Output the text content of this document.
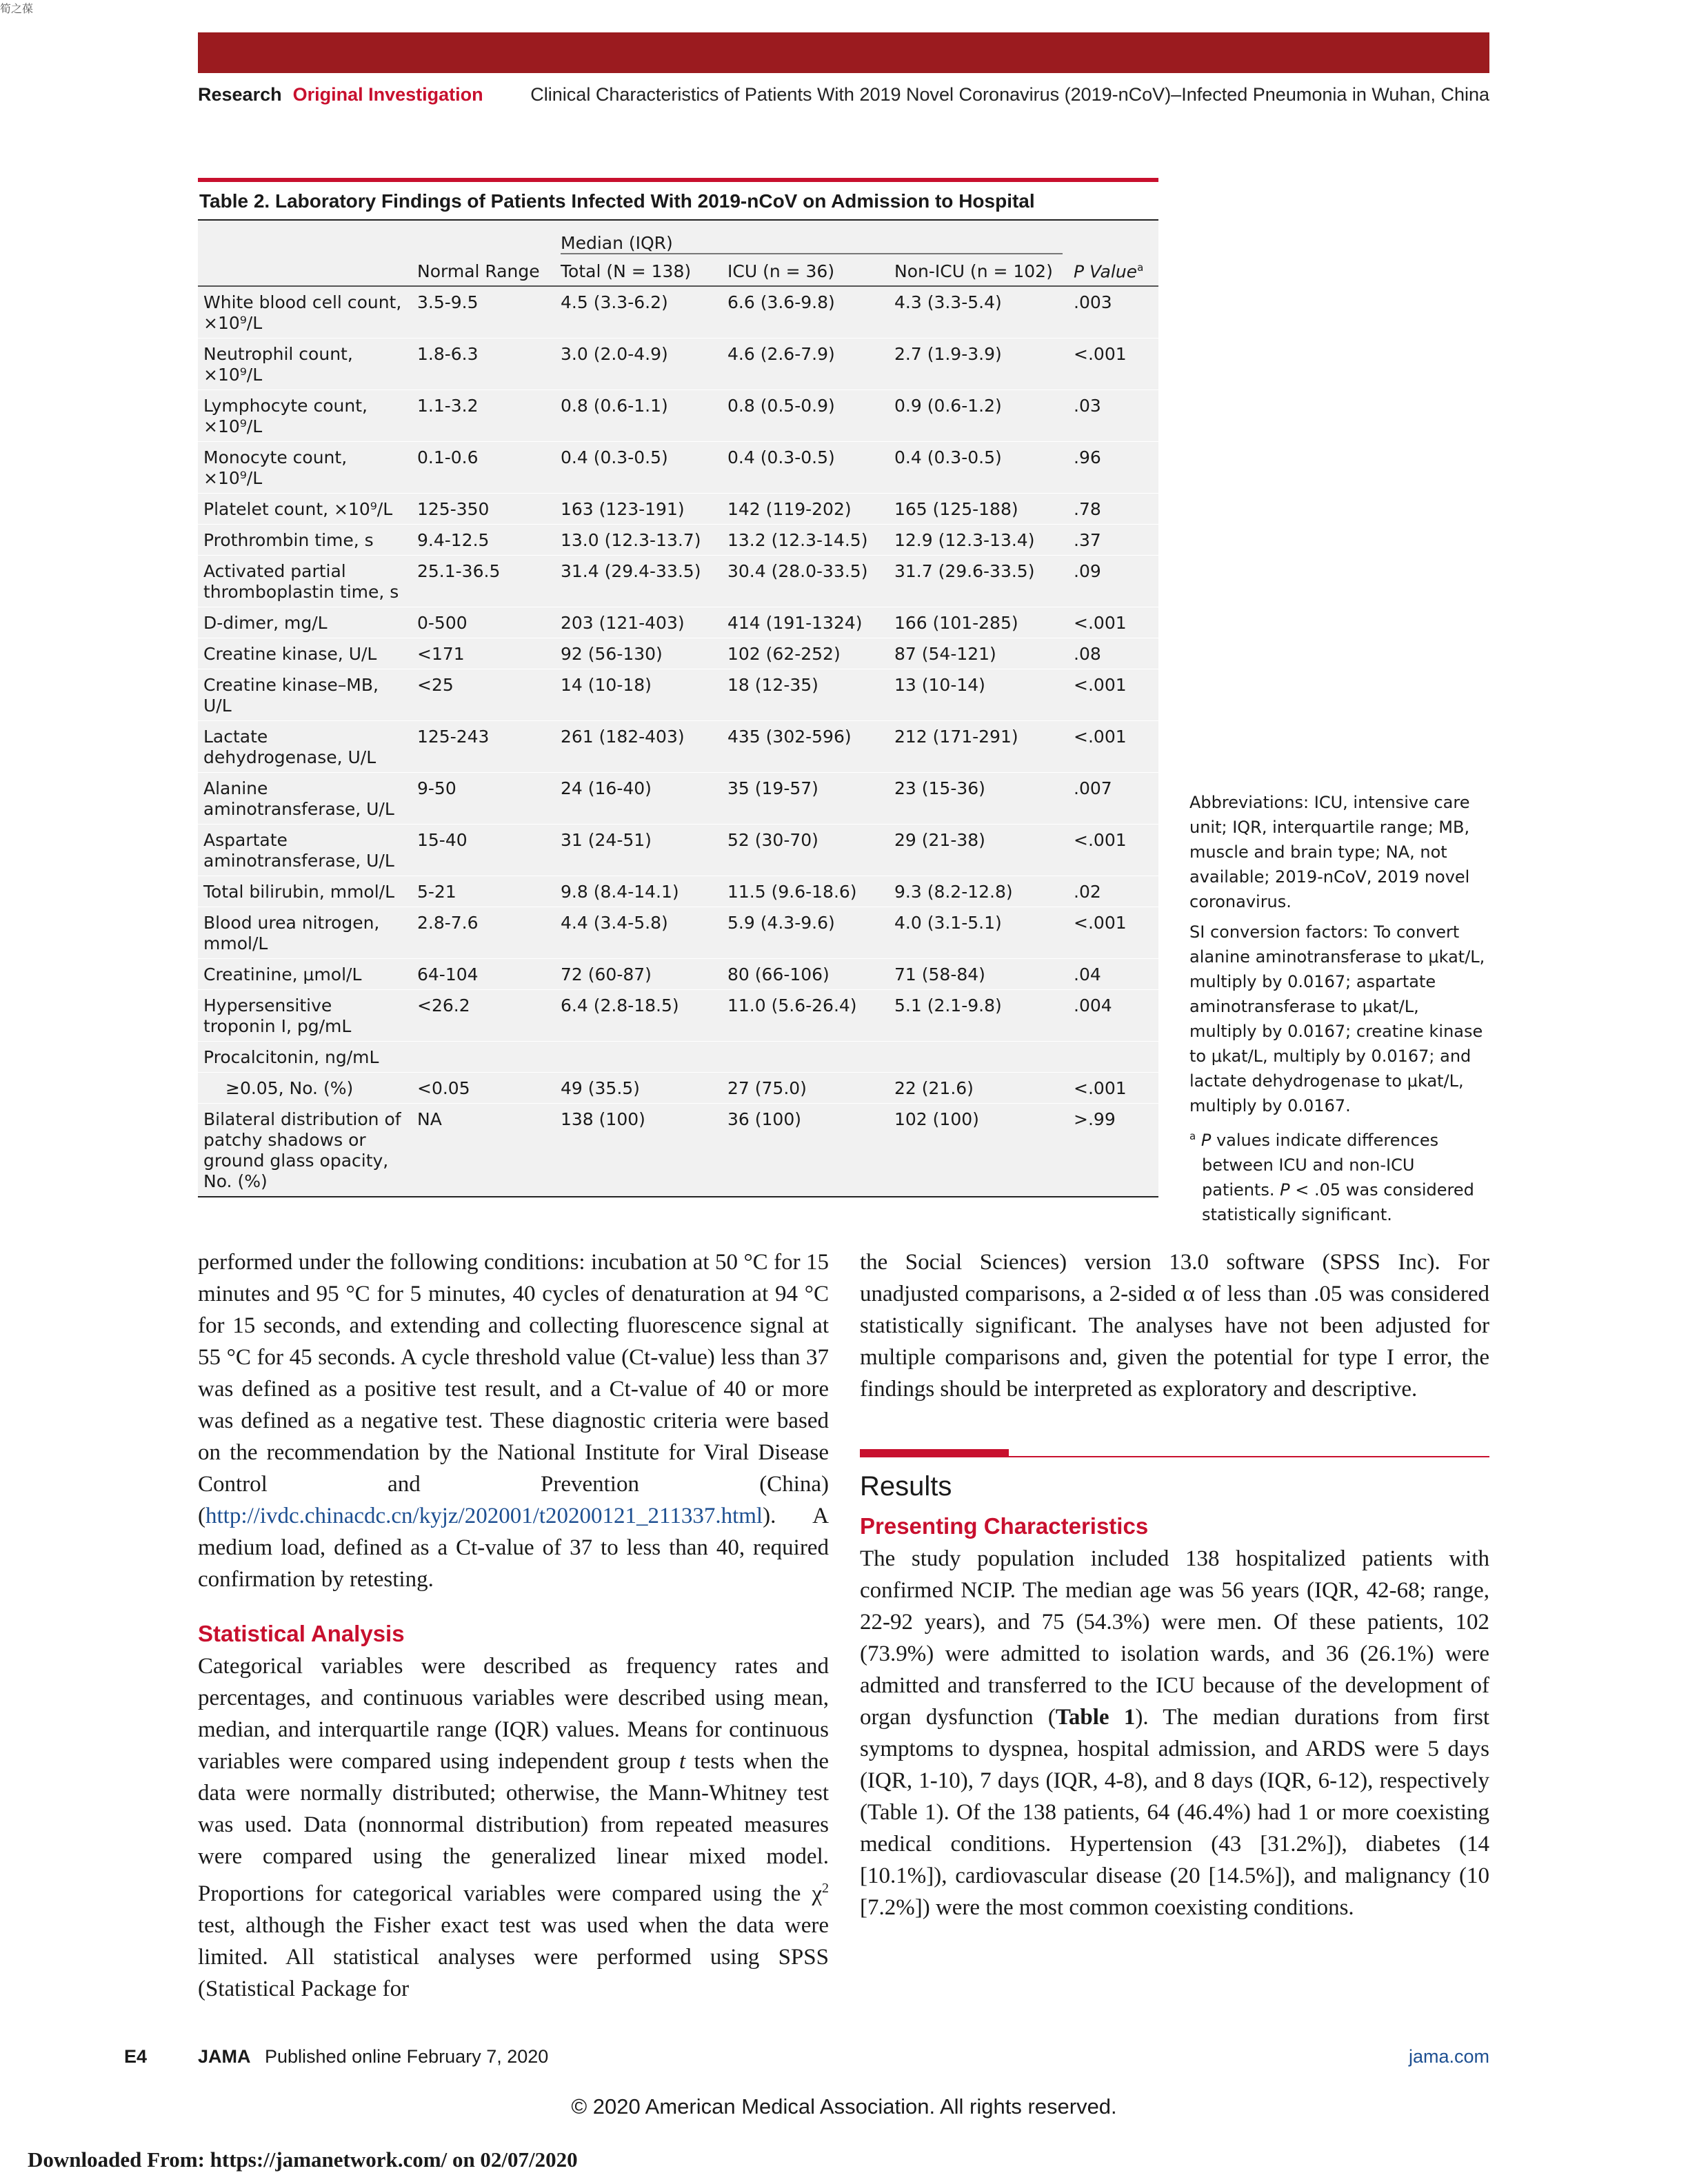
筍之葆
Research Original Investigation	Clinical Characteristics of Patients With 2019 Novel Coronavirus (2019-nCoV)–Infected Pneumonia in Wuhan, China
Table 2. Laboratory Findings of Patients Infected With 2019-nCoV on Admission to Hospital

		Median (IQR)			

	Normal Range	Total (N = 138)	ICU (n = 36)	Non-ICU (n = 102)	P Value$^a$
White blood cell count, ×10⁹/L	3.5-9.5	4.5 (3.3-6.2)	6.6 (3.6-9.8)	4.3 (3.3-5.4)	.003
Neutrophil count, ×10⁹/L	1.8-6.3	3.0 (2.0-4.9)	4.6 (2.6-7.9)	2.7 (1.9-3.9)	<.001
Lymphocyte count, ×10⁹/L	1.1-3.2	0.8 (0.6-1.1)	0.8 (0.5-0.9)	0.9 (0.6-1.2)	.03
Monocyte count, ×10⁹/L	0.1-0.6	0.4 (0.3-0.5)	0.4 (0.3-0.5)	0.4 (0.3-0.5)	.96
Platelet count, ×10⁹/L	125-350	163 (123-191)	142 (119-202)	165 (125-188)	.78
Prothrombin time, s	9.4-12.5	13.0 (12.3-13.7)	13.2 (12.3-14.5)	12.9 (12.3-13.4)	.37
Activated partial thromboplastin time, s	25.1-36.5	31.4 (29.4-33.5)	30.4 (28.0-33.5)	31.7 (29.6-33.5)	.09
D-dimer, mg/L	0-500	203 (121-403)	414 (191-1324)	166 (101-285)	<.001
Creatine kinase, U/L	<171	92 (56-130)	102 (62-252)	87 (54-121)	.08
Creatine kinase–MB, U/L	<25	14 (10-18)	18 (12-35)	13 (10-14)	<.001
Lactate dehydrogenase, U/L	125-243	261 (182-403)	435 (302-596)	212 (171-291)	<.001
Alanine aminotransferase, U/L	9-50	24 (16-40)	35 (19-57)	23 (15-36)	.007
Aspartate aminotransferase, U/L	15-40	31 (24-51)	52 (30-70)	29 (21-38)	<.001
Total bilirubin, mmol/L	5-21	9.8 (8.4-14.1)	11.5 (9.6-18.6)	9.3 (8.2-12.8)	.02
Blood urea nitrogen, mmol/L	2.8-7.6	4.4 (3.4-5.8)	5.9 (4.3-9.6)	4.0 (3.1-5.1)	<.001
Creatinine, μmol/L	64-104	72 (60-87)	80 (66-106)	71 (58-84)	.04
Hypersensitive troponin I, pg/mL	<26.2	6.4 (2.8-18.5)	11.0 (5.6-26.4)	5.1 (2.1-9.8)	.004
Procalcitonin, ng/mL					
≥0.05, No. (%)	<0.05	49 (35.5)	27 (75.0)	22 (21.6)	<.001
Bilateral distribution of patchy shadows or ground glass opacity, No. (%)	NA	138 (100)	36 (100)	102 (100)	>.99

Abbreviations: ICU, intensive care unit; IQR, interquartile range; MB, muscle and brain type; NA, not available; 2019-nCoV, 2019 novel coronavirus.

SI conversion factors: To convert alanine aminotransferase to μkat/L, multiply by 0.0167; aspartate aminotransferase to μkat/L, multiply by 0.0167; creatine kinase to μkat/L, multiply by 0.0167; and lactate dehydrogenase to μkat/L, multiply by 0.0167.

$^a$ P values indicate differences between ICU and non-ICU patients. P < .05 was considered statistically significant.

performed under the following conditions: incubation at 50 °C for 15 minutes and 95 °C for 5 minutes, 40 cycles of denaturation at 94 °C for 15 seconds, and extending and collecting fluorescence signal at 55 °C for 45 seconds. A cycle threshold value (Ct-value) less than 37 was defined as a positive test result, and a Ct-value of 40 or more was defined as a negative test. These diagnostic criteria were based on the recommendation by the National Institute for Viral Disease Control and Prevention (China) (http://ivdc.chinacdc.cn/kyjz/202001/t20200121_211337.html). A medium load, defined as a Ct-value of 37 to less than 40, required confirmation by retesting.

Statistical Analysis

Categorical variables were described as frequency rates and percentages, and continuous variables were described using mean, median, and interquartile range (IQR) values. Means for continuous variables were compared using independent group t tests when the data were normally distributed; otherwise, the Mann-Whitney test was used. Data (nonnormal distribution) from repeated measures were compared using the generalized linear mixed model. Proportions for categorical variables were compared using the $\chi^2$ test, although the Fisher exact test was used when the data were limited. All statistical analyses were performed using SPSS (Statistical Package for

the Social Sciences) version 13.0 software (SPSS Inc). For unadjusted comparisons, a 2-sided α of less than .05 was considered statistically significant. The analyses have not been adjusted for multiple comparisons and, given the potential for type I error, the findings should be interpreted as exploratory and descriptive.

Results
Presenting Characteristics

The study population included 138 hospitalized patients with confirmed NCIP. The median age was 56 years (IQR, 42-68; range, 22-92 years), and 75 (54.3%) were men. Of these patients, 102 (73.9%) were admitted to isolation wards, and 36 (26.1%) were admitted and transferred to the ICU because of the development of organ dysfunction (Table 1). The median durations from first symptoms to dyspnea, hospital admission, and ARDS were 5 days (IQR, 1-10), 7 days (IQR, 4-8), and 8 days (IQR, 6-12), respectively (Table 1). Of the 138 patients, 64 (46.4%) had 1 or more coexisting medical conditions. Hypertension (43 [31.2%]), diabetes (14 [10.1%]), cardiovascular disease (20 [14.5%]), and malignancy (10 [7.2%]) were the most common coexisting conditions.

E4	JAMA Published online February 7, 2020	jama.com
© 2020 American Medical Association. All rights reserved.
Downloaded From: https://jamanetwork.com/ on 02/07/2020
